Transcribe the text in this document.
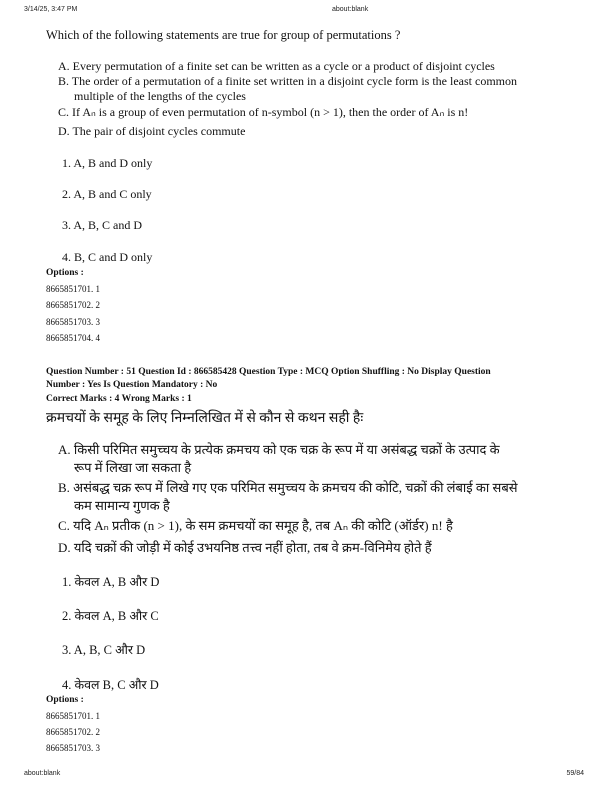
3/14/25, 3:47 PM	about:blank
Which of the following statements are true for group of permutations ?
A. Every permutation of a finite set can be written as a cycle or a product of disjoint cycles
B. The order of a permutation of a finite set written in a disjoint cycle form is the least common
multiple of the lengths of the cycles
C. If Aₙ is a group of even permutation of n-symbol (n > 1), then the order of Aₙ is n!
D. The pair of disjoint cycles commute
1. A, B and D only
2. A, B and C only
3. A, B, C and D
4. B, C and D only
Options :
8665851701. 1
8665851702. 2
8665851703. 3
8665851704. 4
Question Number : 51 Question Id : 866585428 Question Type : MCQ Option Shuffling : No Display Question
Number : Yes Is Question Mandatory : No
Correct Marks : 4 Wrong Marks : 1
क्रमचयों के समूह के लिए निम्नलिखित में से कौन से कथन सही हैः
A. किसी परिमित समुच्चय के प्रत्येक क्रमचय को एक चक्र के रूप में या असंबद्ध चक्रों के उत्पाद के
रूप में लिखा जा सकता है
B. असंबद्ध चक्र रूप में लिखे गए एक परिमित समुच्चय के क्रमचय की कोटि, चक्रों की लंबाई का सबसे
कम सामान्य गुणक है
C. यदि Aₙ प्रतीक (n > 1), के सम क्रमचयों का समूह है, तब Aₙ की कोटि (ऑर्डर) n! है
D. यदि चक्रों की जोड़ी में कोई उभयनिष्ठ तत्त्व नहीं होता, तब वे क्रम-विनिमेय होते हैं
1. केवल A, B और D
2. केवल A, B और C
3. A, B, C और D
4. केवल B, C और D
Options :
8665851701. 1
8665851702. 2
8665851703. 3
about:blank	59/84
